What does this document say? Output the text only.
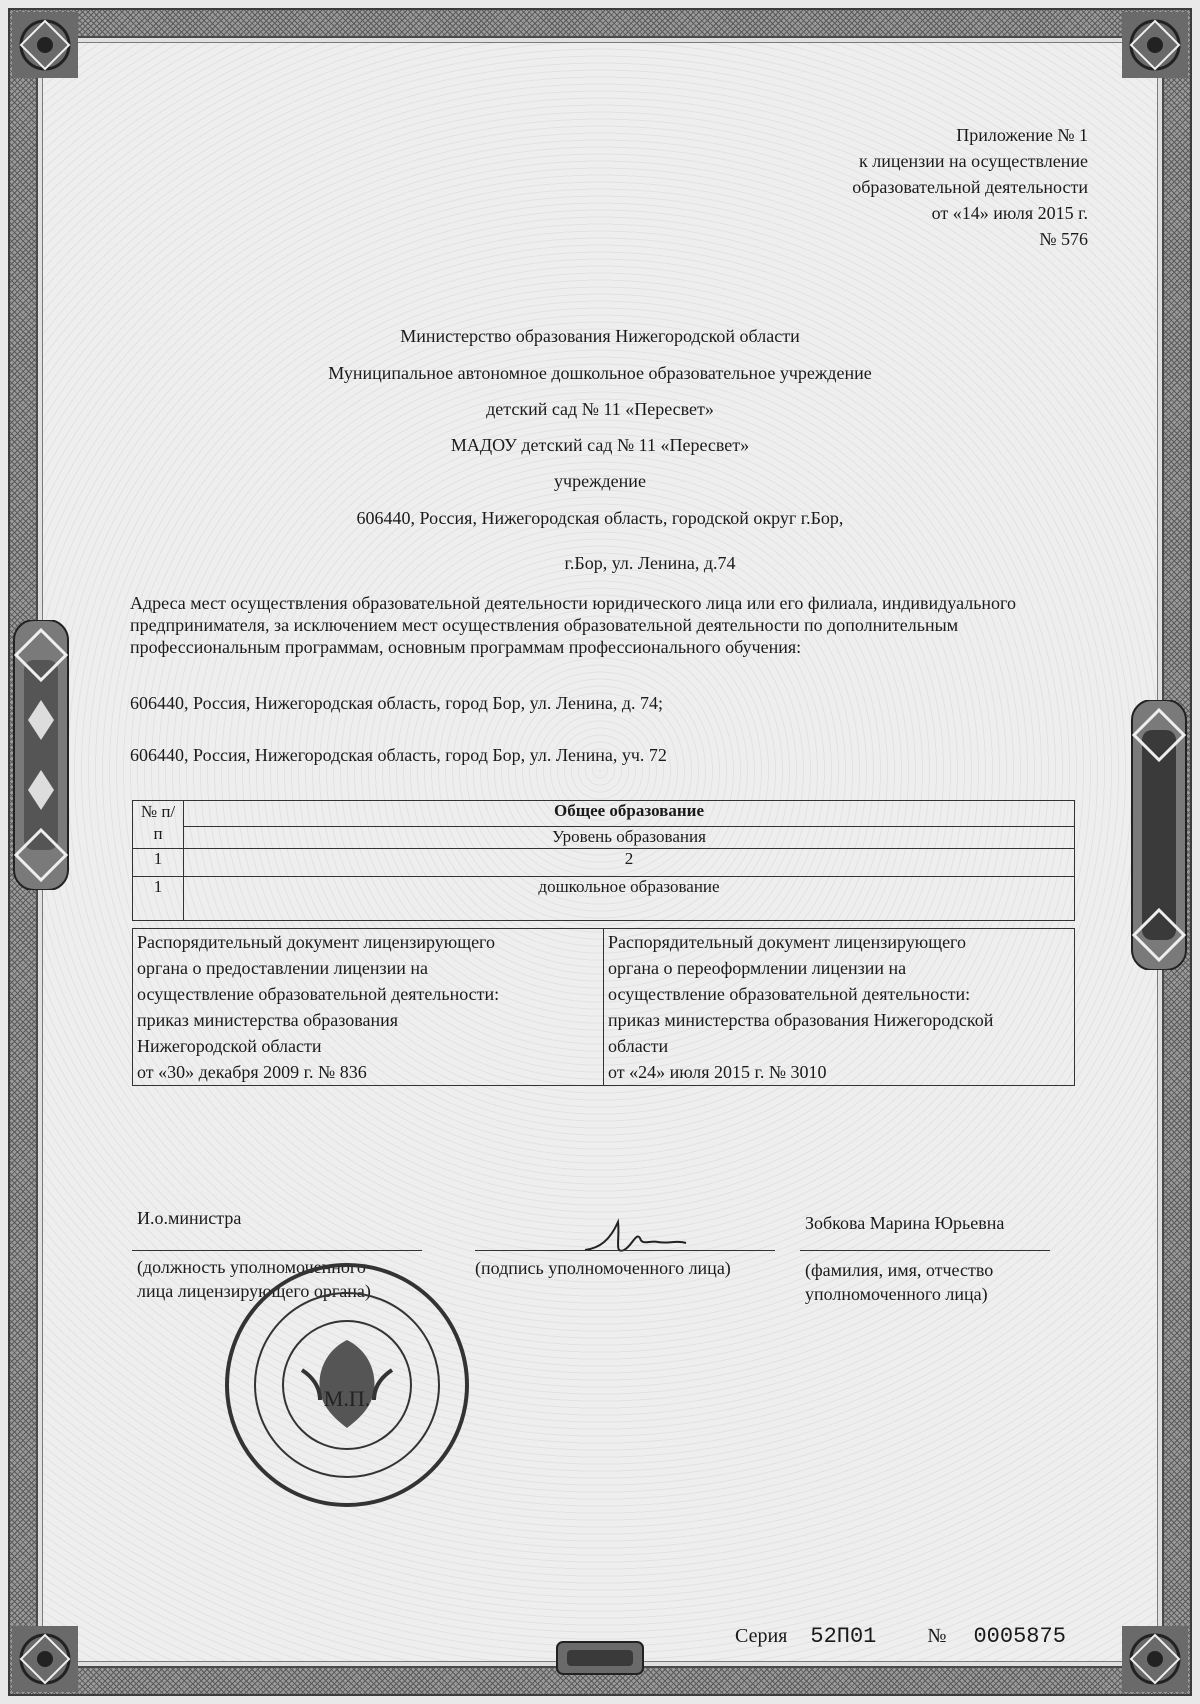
Приложение № 1
к лицензии на осуществление
образовательной деятельности
от «14» июля 2015 г.
№ 576
Министерство образования Нижегородской области
Муниципальное автономное дошкольное образовательное учреждение
детский сад № 11 «Пересвет»
МАДОУ детский сад № 11 «Пересвет»
учреждение
606440, Россия, Нижегородская область, городской округ г.Бор,
г.Бор, ул. Ленина, д.74
Адреса мест осуществления образовательной деятельности юридического лица или его филиала, индивидуального предпринимателя, за исключением мест осуществления образовательной деятельности по дополнительным профессиональным программам, основным программам профессионального обучения:
606440, Россия, Нижегородская область, город Бор, ул. Ленина, д. 74;
606440, Россия, Нижегородская область, город Бор, ул. Ленина, уч. 72
№ п/п	Общее образование
	Уровень образования
1	2
1	дошкольное образование
Распорядительный документ лицензирующего
органа о предоставлении лицензии на
осуществление образовательной деятельности:
приказ министерства образования
Нижегородской области
от «30» декабря 2009 г. № 836

Распорядительный документ лицензирующего
органа о переоформлении лицензии на
осуществление образовательной деятельности:
приказ министерства образования Нижегородской
области
от «24» июля 2015 г. № 3010
И.о.министра
(должность уполномоченного
лица лицензирующего органа)
(подпись уполномоченного лица)
Зобкова Марина Юрьевна
(фамилия, имя, отчество
уполномоченного лица)
М.П.
Серия 52П01	№ 0005875
